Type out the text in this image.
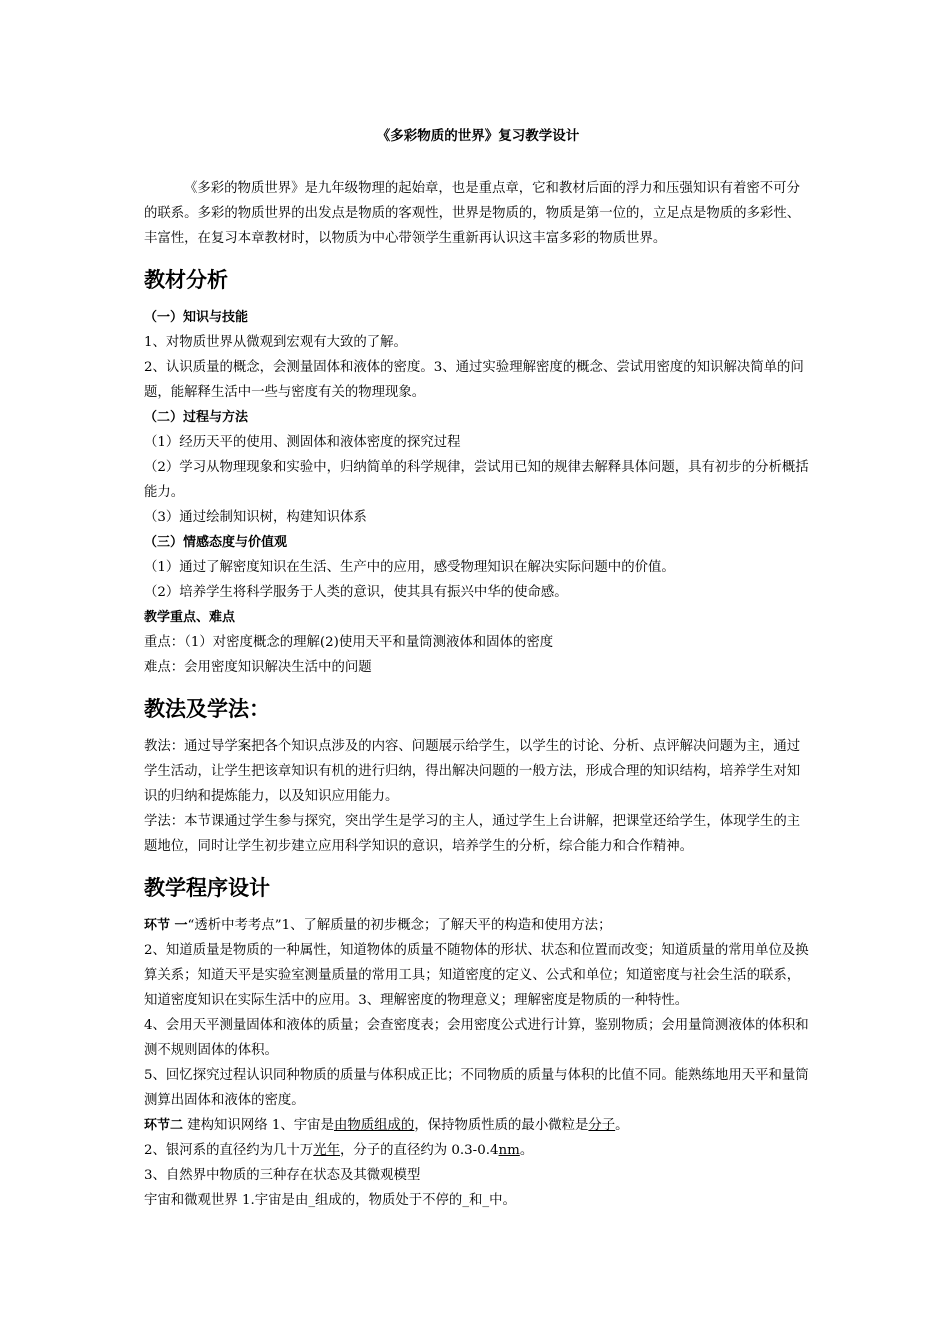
《多彩物质的世界》复习教学设计

《多彩的物质世界》是九年级物理的起始章，也是重点章，它和教材后面的浮力和压强知识有着密不可分的联系。多彩的物质世界的出发点是物质的客观性，世界是物质的，物质是第一位的，立足点是物质的多彩性、丰富性，在复习本章教材时，以物质为中心带领学生重新再认识这丰富多彩的物质世界。

教材分析

（一）知识与技能

1、对物质世界从微观到宏观有大致的了解。

2、认识质量的概念，会测量固体和液体的密度。3、通过实验理解密度的概念、尝试用密度的知识解决简单的问题，能解释生活中一些与密度有关的物理现象。

（二）过程与方法

（1）经历天平的使用、测固体和液体密度的探究过程

（2）学习从物理现象和实验中，归纳简单的科学规律，尝试用已知的规律去解释具体问题，具有初步的分析概括能力。

（3）通过绘制知识树，构建知识体系

（三）情感态度与价值观

（1）通过了解密度知识在生活、生产中的应用，感受物理知识在解决实际问题中的价值。

（2）培养学生将科学服务于人类的意识，使其具有振兴中华的使命感。

教学重点、难点

重点：（1）对密度概念的理解(2)使用天平和量筒测液体和固体的密度

难点：会用密度知识解决生活中的问题

教法及学法：

教法：通过导学案把各个知识点涉及的内容、问题展示给学生，以学生的讨论、分析、点评解决问题为主，通过学生活动，让学生把该章知识有机的进行归纳，得出解决问题的一般方法，形成合理的知识结构，培养学生对知识的归纳和提炼能力，以及知识应用能力。

学法：本节课通过学生参与探究，突出学生是学习的主人，通过学生上台讲解，把课堂还给学生，体现学生的主题地位，同时让学生初步建立应用科学知识的意识，培养学生的分析，综合能力和合作精神。

教学程序设计

环节 一“透析中考考点”1、了解质量的初步概念；了解天平的构造和使用方法；

2、知道质量是物质的一种属性，知道物体的质量不随物体的形状、状态和位置而改变；知道质量的常用单位及换算关系；知道天平是实验室测量质量的常用工具；知道密度的定义、公式和单位；知道密度与社会生活的联系，知道密度知识在实际生活中的应用。3、理解密度的物理意义；理解密度是物质的一种特性。

4、会用天平测量固体和液体的质量；会查密度表；会用密度公式进行计算，鉴别物质；会用量筒测液体的体积和测不规则固体的体积。

5、回忆探究过程认识同种物质的质量与体积成正比；不同物质的质量与体积的比值不同。能熟练地用天平和量筒测算出固体和液体的密度。

环节二 建构知识网络 1、宇宙是由物质组成的，保持物质性质的最小微粒是分子。

2、银河系的直径约为几十万光年，分子的直径约为 0.3-0.4nm。

3、自然界中物质的三种存在状态及其微观模型

宇宙和微观世界 1.宇宙是由_组成的，物质处于不停的_和_中。
